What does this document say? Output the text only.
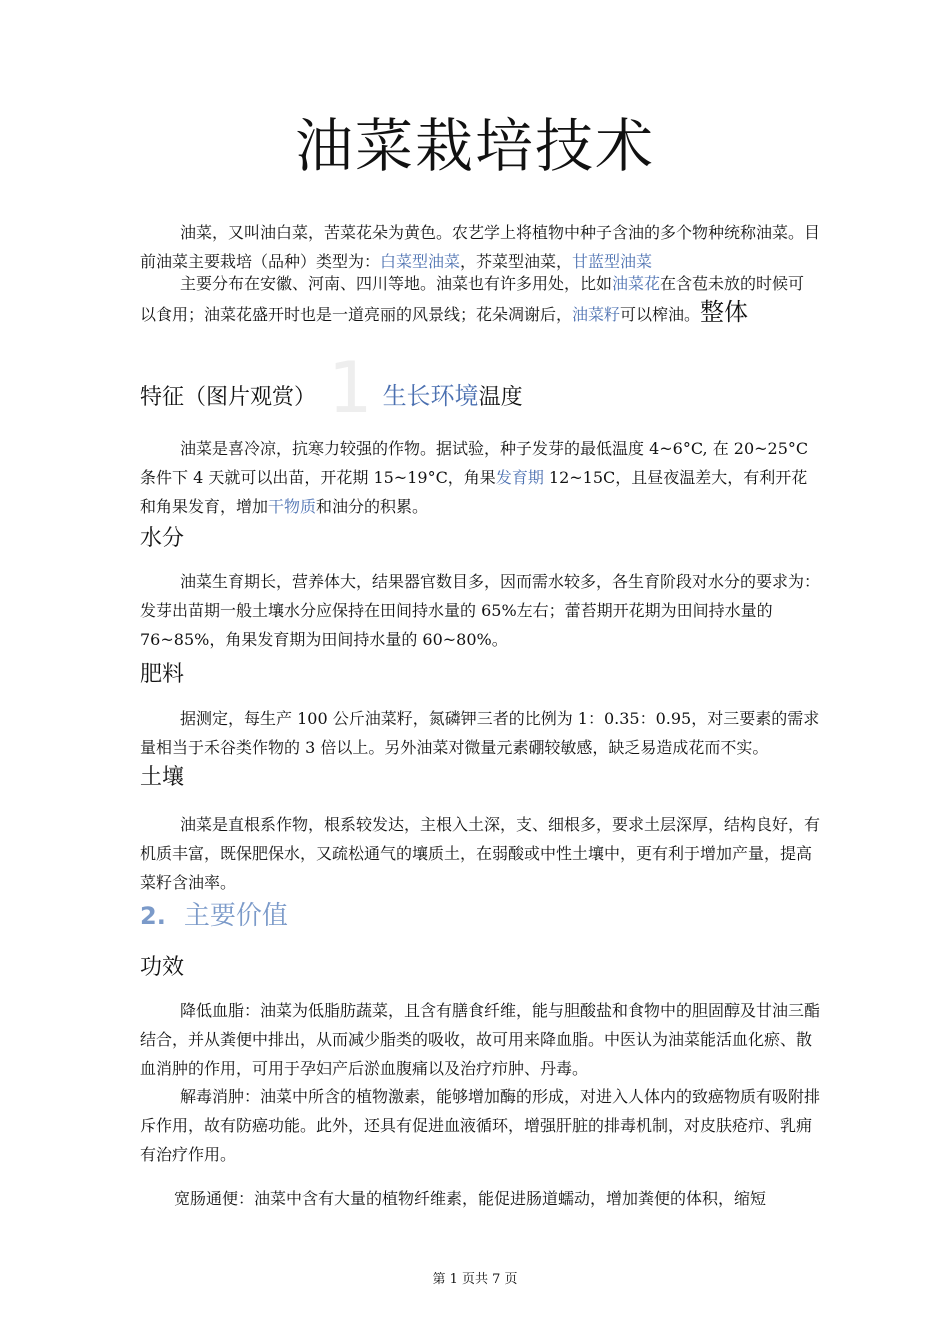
油菜栽培技术
油菜，又叫油白菜，苦菜花朵为黄色。农艺学上将植物中种子含油的多个物种统称油菜。目前油菜主要栽培（品种）类型为：白菜型油菜，芥菜型油菜，甘蓝型油菜
主要分布在安徽、河南、四川等地。油菜也有许多用处，比如油菜花在含苞未放的时候可以食用；油菜花盛开时也是一道亮丽的风景线；花朵凋谢后，油菜籽可以榨油。整体
特征（图片观赏） 1 生长环境温度
油菜是喜冷凉，抗寒力较强的作物。据试验，种子发芽的最低温度 4~6°C, 在 20~25°C 条件下 4 天就可以出苗，开花期 15~19°C，角果发育期 12~15C，且昼夜温差大，有利开花和角果发育，增加干物质和油分的积累。
水分
油菜生育期长，营养体大，结果器官数目多，因而需水较多，各生育阶段对水分的要求为：发芽出苗期一般土壤水分应保持在田间持水量的 65%左右；蕾苔期开花期为田间持水量的 76~85%，角果发育期为田间持水量的 60~80%。
肥料
据测定，每生产 100 公斤油菜籽，氮磷钾三者的比例为 1：0.35：0.95，对三要素的需求量相当于禾谷类作物的 3 倍以上。另外油菜对微量元素硼较敏感，缺乏易造成花而不实。
土壤
油菜是直根系作物，根系较发达，主根入土深，支、细根多，要求土层深厚，结构良好，有机质丰富，既保肥保水，又疏松通气的壤质土，在弱酸或中性土壤中，更有利于增加产量，提高菜籽含油率。
2. 主要价值
功效
降低血脂：油菜为低脂肪蔬菜，且含有膳食纤维，能与胆酸盐和食物中的胆固醇及甘油三酯结合，并从粪便中排出，从而减少脂类的吸收，故可用来降血脂。中医认为油菜能活血化瘀、散血消肿的作用，可用于孕妇产后淤血腹痛以及治疗疖肿、丹毒。
解毒消肿：油菜中所含的植物激素，能够增加酶的形成，对进入人体内的致癌物质有吸附排斥作用，故有防癌功能。此外，还具有促进血液循环，增强肝脏的排毒机制，对皮肤疮疖、乳痈有治疗作用。
宽肠通便：油菜中含有大量的植物纤维素，能促进肠道蠕动，增加粪便的体积，缩短
第 1 页共 7 页
